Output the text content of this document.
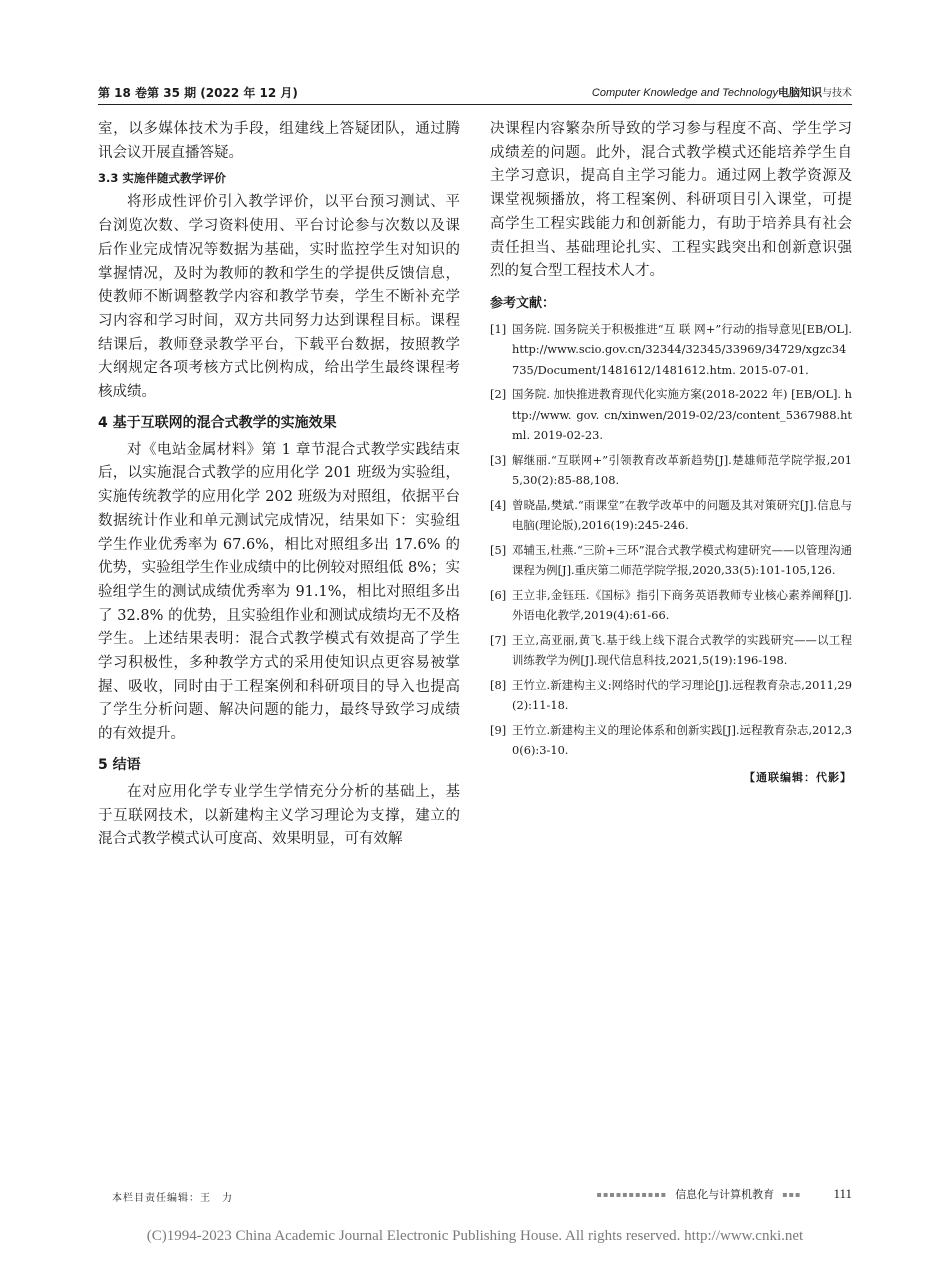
第 18 卷第 35 期 (2022 年 12 月)	Computer Knowledge and Technology电脑知识与技术

室，以多媒体技术为手段，组建线上答疑团队，通过腾讯会议开展直播答疑。

3.3 实施伴随式教学评价

将形成性评价引入教学评价，以平台预习测试、平台浏览次数、学习资料使用、平台讨论参与次数以及课后作业完成情况等数据为基础，实时监控学生对知识的掌握情况，及时为教师的教和学生的学提供反馈信息，使教师不断调整教学内容和教学节奏，学生不断补充学习内容和学习时间，双方共同努力达到课程目标。课程结课后，教师登录教学平台，下载平台数据，按照教学大纲规定各项考核方式比例构成，给出学生最终课程考核成绩。

4 基于互联网的混合式教学的实施效果

对《电站金属材料》第 1 章节混合式教学实践结束后，以实施混合式教学的应用化学 201 班级为实验组，实施传统教学的应用化学 202 班级为对照组，依据平台数据统计作业和单元测试完成情况，结果如下：实验组学生作业优秀率为 67.6%，相比对照组多出 17.6% 的优势，实验组学生作业成绩中的比例较对照组低 8%；实验组学生的测试成绩优秀率为 91.1%，相比对照组多出了 32.8% 的优势，且实验组作业和测试成绩均无不及格学生。上述结果表明：混合式教学模式有效提高了学生学习积极性，多种教学方式的采用使知识点更容易被掌握、吸收，同时由于工程案例和科研项目的导入也提高了学生分析问题、解决问题的能力，最终导致学习成绩的有效提升。

5 结语

在对应用化学专业学生学情充分分析的基础上，基于互联网技术，以新建构主义学习理论为支撑，建立的混合式教学模式认可度高、效果明显，可有效解

决课程内容繁杂所导致的学习参与程度不高、学生学习成绩差的问题。此外，混合式教学模式还能培养学生自主学习意识，提高自主学习能力。通过网上教学资源及课堂视频播放，将工程案例、科研项目引入课堂，可提高学生工程实践能力和创新能力，有助于培养具有社会责任担当、基础理论扎实、工程实践突出和创新意识强烈的复合型工程技术人才。

参考文献：
[1] 国务院. 国务院关于积极推进“互 联 网+”行动的指导意见[EB/OL]. http://www.scio.gov.cn/32344/32345/33969/34729/xgzc34735/Document/1481612/1481612.htm. 2015-07-01.
[2] 国务院. 加快推进教育现代化实施方案(2018-2022 年) [EB/OL]. http://www. gov. cn/xinwen/2019-02/23/content_5367988.html. 2019-02-23.
[3] 解继丽.“互联网+”引领教育改革新趋势[J].楚雄师范学院学报,2015,30(2):85-88,108.
[4] 曾晓晶,樊斌.“雨课堂”在教学改革中的问题及其对策研究[J].信息与电脑(理论版),2016(19):245-246.
[5] 邓辅玉,杜燕.“三阶+三环”混合式教学模式构建研究——以管理沟通课程为例[J].重庆第二师范学院学报,2020,33(5):101-105,126.
[6] 王立非,金钰珏.《国标》指引下商务英语教师专业核心素养阐释[J].外语电化教学,2019(4):61-66.
[7] 王立,高亚丽,黄飞.基于线上线下混合式教学的实践研究——以工程训练教学为例[J].现代信息科技,2021,5(19):196-198.
[8] 王竹立.新建构主义:网络时代的学习理论[J].远程教育杂志,2011,29(2):11-18.
[9] 王竹立.新建构主义的理论体系和创新实践[J].远程教育杂志,2012,30(6):3-10.
【通联编辑：代影】
本栏目责任编辑：王　力	▪▪▪▪▪▪▪▪▪▪▪ 信息化与计算机教育 ▪▪▪ 111
(C)1994-2023 China Academic Journal Electronic Publishing House. All rights reserved. http://www.cnki.net
